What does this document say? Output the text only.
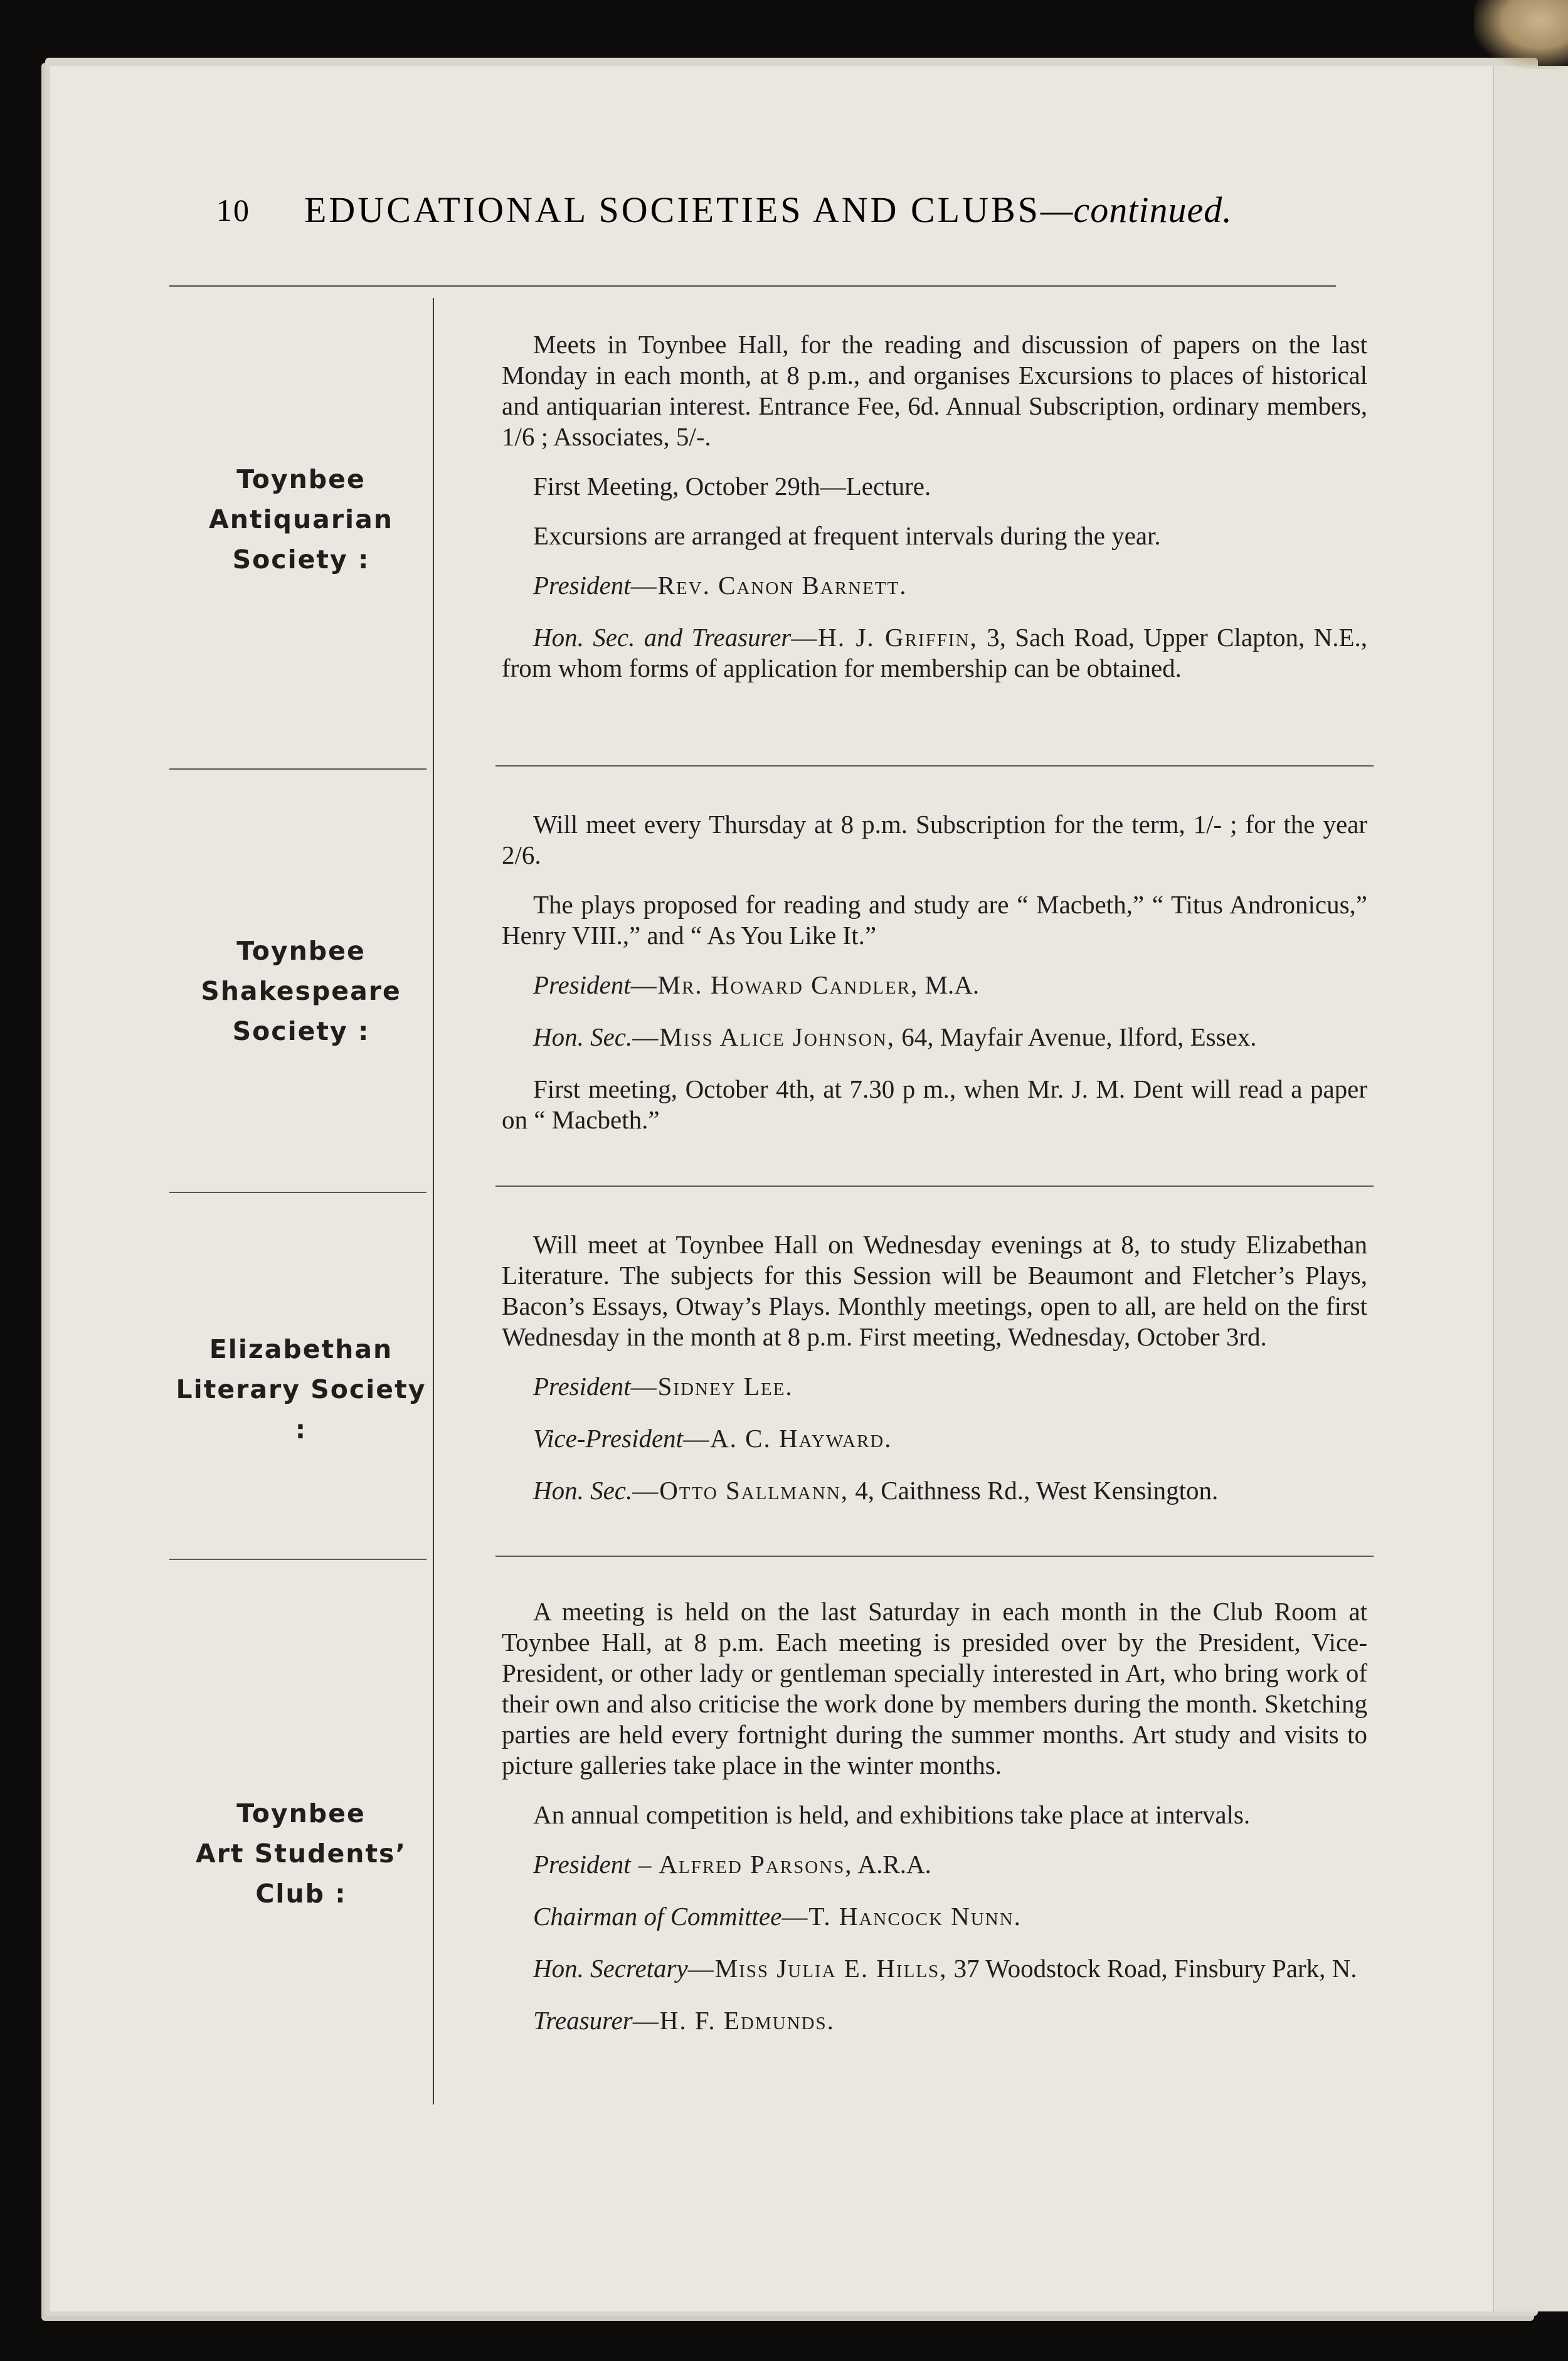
10 EDUCATIONAL SOCIETIES AND CLUBS—continued.
Toynbee
Antiquarian
Society :

Meets in Toynbee Hall, for the reading and discussion of papers on the last Monday in each month, at 8 p.m., and organises Excursions to places of historical and antiquarian interest. Entrance Fee, 6d. Annual Subscription, ordinary members, 1/6 ; Associates, 5/-.

First Meeting, October 29th—Lecture.

Excursions are arranged at frequent intervals during the year.

President—Rev. Canon Barnett.

Hon. Sec. and Treasurer—H. J. Griffin, 3, Sach Road, Upper Clapton, N.E., from whom forms of application for membership can be obtained.

Toynbee
Shakespeare
Society :

Will meet every Thursday at 8 p.m. Subscription for the term, 1/- ; for the year 2/6.

The plays proposed for reading and study are “ Macbeth,” “ Titus Andronicus,” Henry VIII.,” and “ As You Like It.”

President—Mr. Howard Candler, M.A.

Hon. Sec.—Miss Alice Johnson, 64, Mayfair Avenue, Ilford, Essex.

First meeting, October 4th, at 7.30 p m., when Mr. J. M. Dent will read a paper on “ Macbeth.”

Elizabethan
Literary Society :

Will meet at Toynbee Hall on Wednesday evenings at 8, to study Elizabethan Literature. The subjects for this Session will be Beaumont and Fletcher’s Plays, Bacon’s Essays, Otway’s Plays. Monthly meetings, open to all, are held on the first Wednesday in the month at 8 p.m. First meeting, Wednesday, October 3rd.

President—Sidney Lee.

Vice-President—A. C. Hayward.

Hon. Sec.—Otto Sallmann, 4, Caithness Rd., West Kensington.

Toynbee
Art Students’
Club :

A meeting is held on the last Saturday in each month in the Club Room at Toynbee Hall, at 8 p.m. Each meeting is presided over by the President, Vice-President, or other lady or gentleman specially interested in Art, who bring work of their own and also criticise the work done by members during the month. Sketching parties are held every fortnight during the summer months. Art study and visits to picture galleries take place in the winter months.

An annual competition is held, and exhibitions take place at intervals.

President – Alfred Parsons, A.R.A.

Chairman of Committee—T. Hancock Nunn.

Hon. Secretary—Miss Julia E. Hills, 37 Woodstock Road, Finsbury Park, N.

Treasurer—H. F. Edmunds.
